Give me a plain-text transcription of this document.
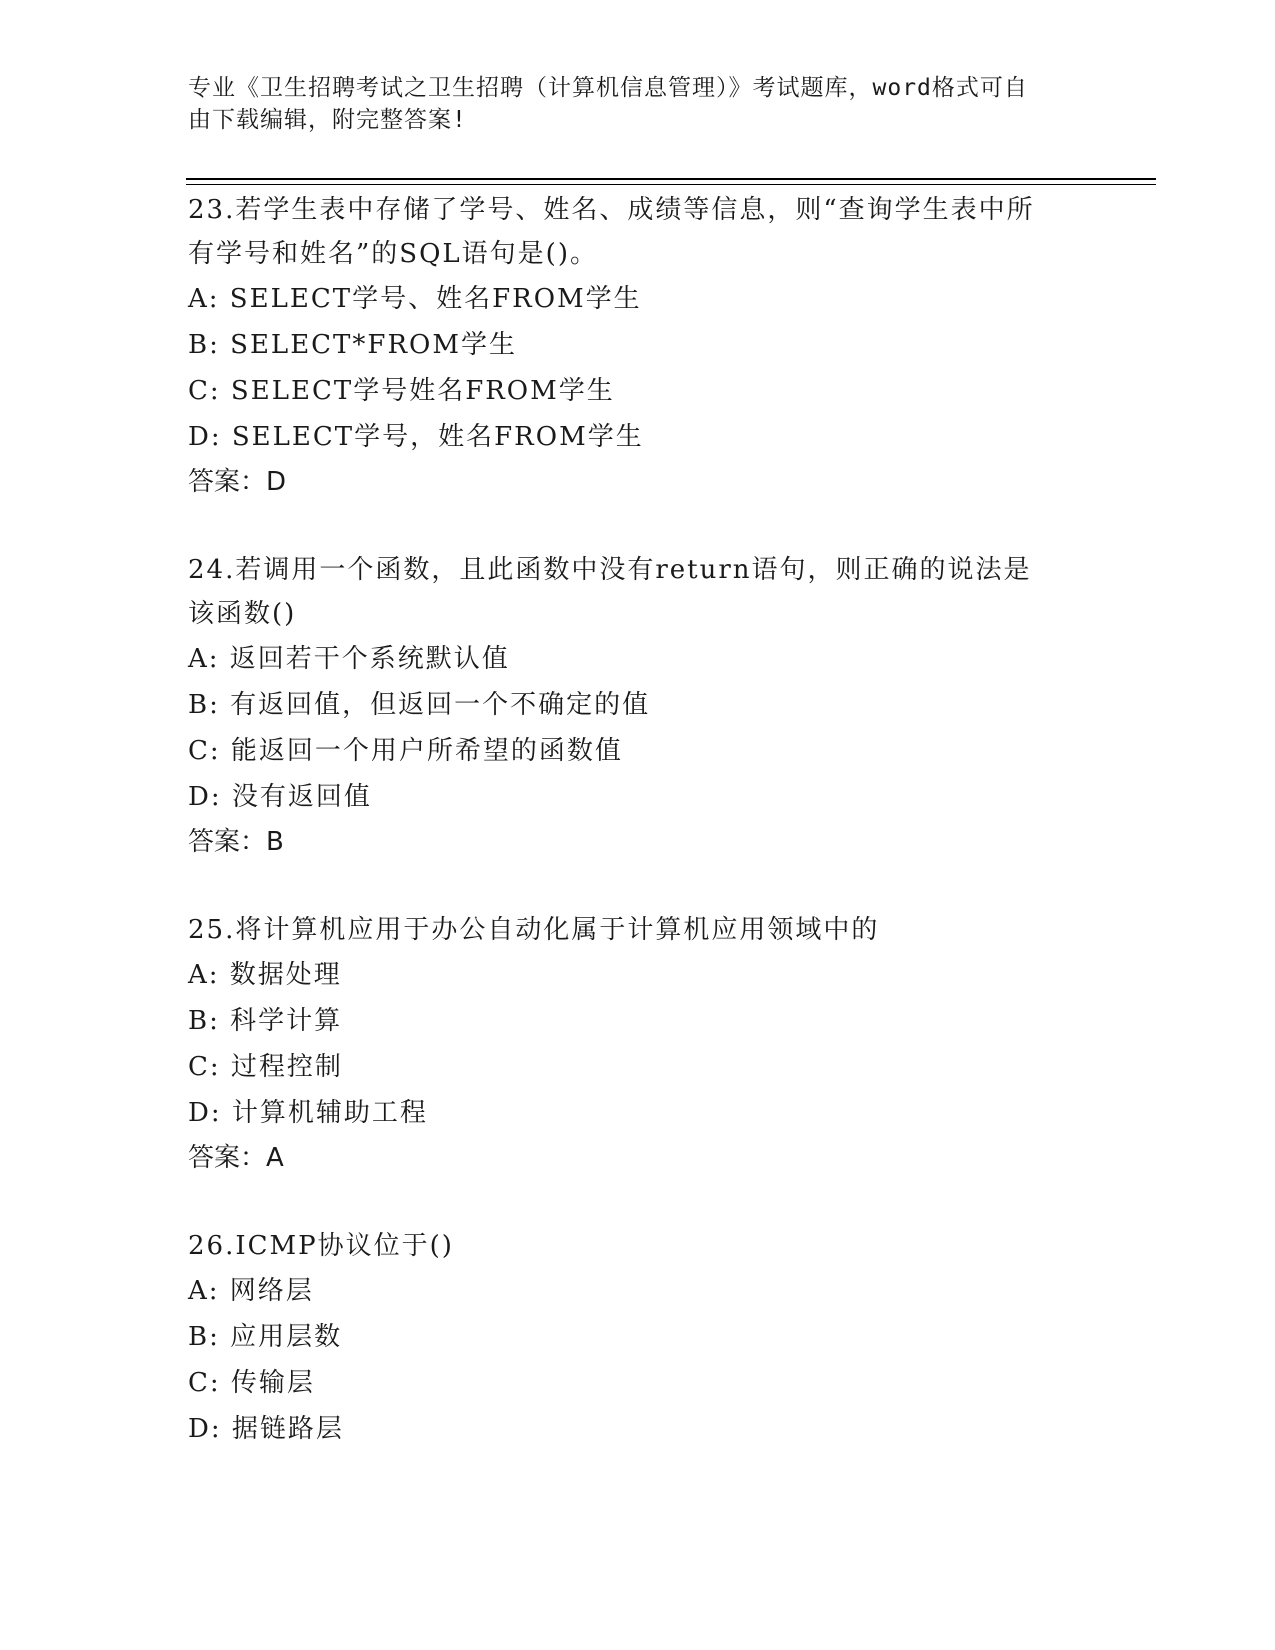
专业《卫生招聘考试之卫生招聘（计算机信息管理）》考试题库，word格式可自
由下载编辑，附完整答案!

23.若学生表中存储了学号、姓名、成绩等信息，则“查询学生表中所

有学号和姓名”的SQL语句是()。

A: SELECT学号、姓名FROM学生

B: SELECT*FROM学生

C: SELECT学号姓名FROM学生

D: SELECT学号，姓名FROM学生

答案：D

24.若调用一个函数，且此函数中没有return语句，则正确的说法是

该函数()

A: 返回若干个系统默认值

B: 有返回值，但返回一个不确定的值

C: 能返回一个用户所希望的函数值

D: 没有返回值

答案：B

25.将计算机应用于办公自动化属于计算机应用领域中的

A: 数据处理

B: 科学计算

C: 过程控制

D: 计算机辅助工程

答案：A

26.ICMP协议位于()

A: 网络层

B: 应用层数

C: 传输层

D: 据链路层
